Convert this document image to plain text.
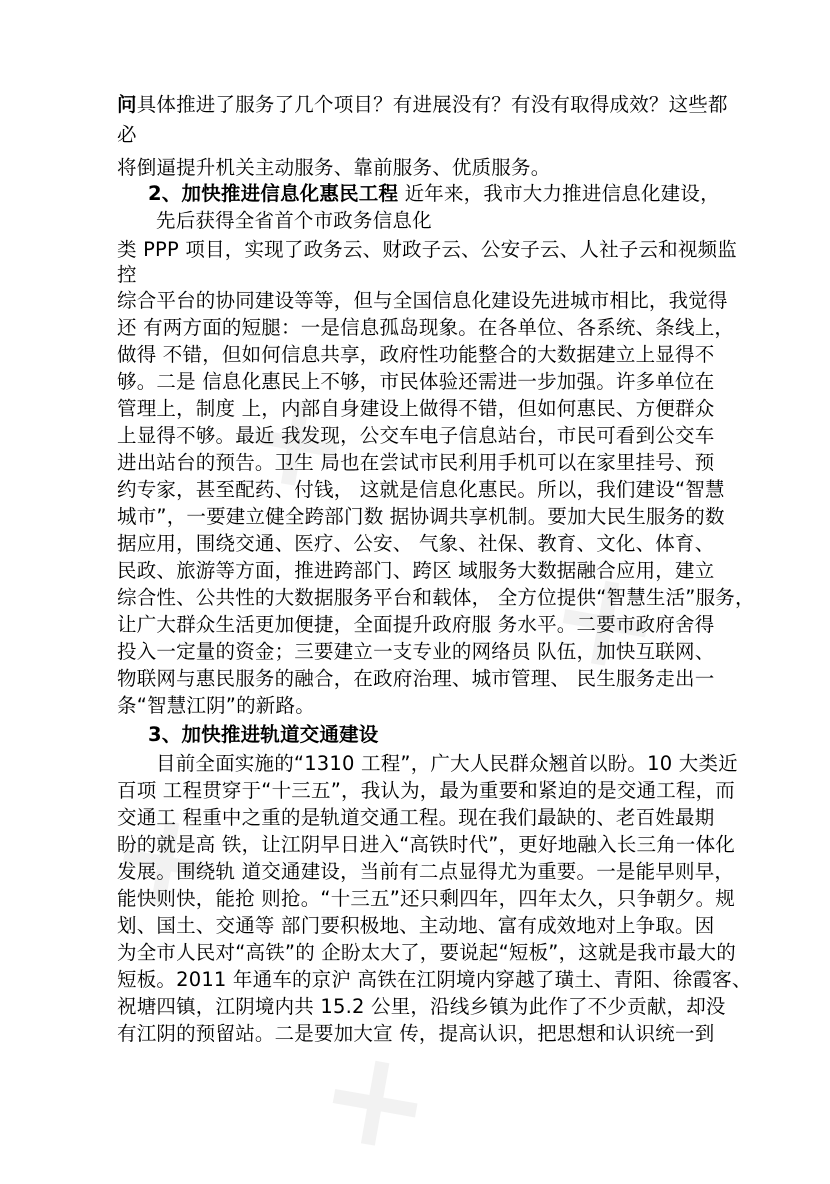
✕
✕
✕
✕
问具体推进了服务了几个项目？有进展没有？有没有取得成效？这些都
必
将倒逼提升机关主动服务、靠前服务、优质服务。
2、加快推进信息化惠民工程 近年来，我市大力推进信息化建设，
先后获得全省首个市政务信息化
类 PPP 项目，实现了政务云、财政子云、公安子云、人社子云和视频监
控
综合平台的协同建设等等，但与全国信息化建设先进城市相比，我觉得
还 有两方面的短腿：一是信息孤岛现象。在各单位、各系统、条线上，
做得 不错，但如何信息共享，政府性功能整合的大数据建立上显得不
够。二是 信息化惠民上不够，市民体验还需进一步加强。许多单位在
管理上，制度 上，内部自身建设上做得不错，但如何惠民、方便群众
上显得不够。最近 我发现，公交车电子信息站台，市民可看到公交车
进出站台的预告。卫生 局也在尝试市民利用手机可以在家里挂号、预
约专家，甚至配药、付钱， 这就是信息化惠民。所以，我们建设“智慧
城市”，一要建立健全跨部门数 据协调共享机制。要加大民生服务的数
据应用，围绕交通、医疗、公安、 气象、社保、教育、文化、体育、
民政、旅游等方面，推进跨部门、跨区 域服务大数据融合应用，建立
综合性、公共性的大数据服务平台和载体， 全方位提供“智慧生活”服务，
让广大群众生活更加便捷，全面提升政府服 务水平。二要市政府舍得
投入一定量的资金；三要建立一支专业的网络员 队伍，加快互联网、
物联网与惠民服务的融合，在政府治理、城市管理、 民生服务走出一
条“智慧江阴”的新路。
3、加快推进轨道交通建设
目前全面实施的“1310 工程”，广大人民群众翘首以盼。10 大类近
百项 工程贯穿于“十三五”，我认为，最为重要和紧迫的是交通工程，而
交通工 程重中之重的是轨道交通工程。现在我们最缺的、老百姓最期
盼的就是高 铁，让江阴早日进入“高铁时代”，更好地融入长三角一体化
发展。围绕轨 道交通建设，当前有二点显得尤为重要。一是能早则早，
能快则快，能抢 则抢。“十三五”还只剩四年，四年太久，只争朝夕。规
划、国土、交通等 部门要积极地、主动地、富有成效地对上争取。因
为全市人民对“高铁”的 企盼太大了，要说起“短板”，这就是我市最大的
短板。2011 年通车的京沪 高铁在江阴境内穿越了璜土、青阳、徐霞客、
祝塘四镇，江阴境内共 15.2 公里，沿线乡镇为此作了不少贡献，却没
有江阴的预留站。二是要加大宣 传，提高认识，把思想和认识统一到
